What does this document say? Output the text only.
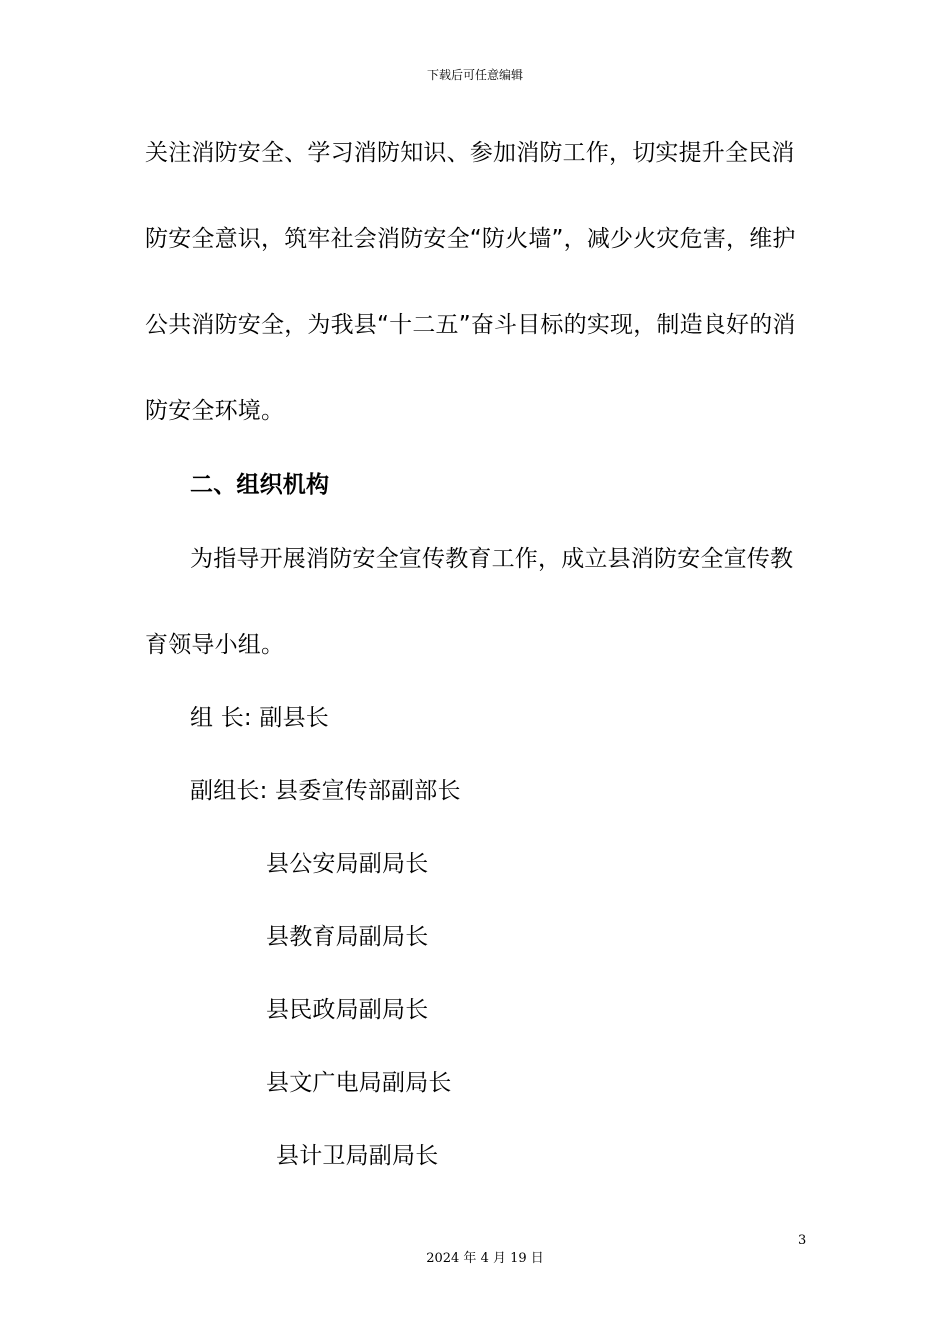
下载后可任意编辑
关注消防安全、学习消防知识、参加消防工作，切实提升全民消
防安全意识，筑牢社会消防安全“防火墙”，减少火灾危害，维护
公共消防安全，为我县“十二五”奋斗目标的实现，制造良好的消
防安全环境。
二、组织机构
为指导开展消防安全宣传教育工作，成立县消防安全宣传教
育领导小组。
组 长: 副县长
副组长: 县委宣传部副部长
县公安局副局长
县教育局副局长
县民政局副局长
县文广电局副局长
县计卫局副局长
3
2024 年 4 月 19 日
